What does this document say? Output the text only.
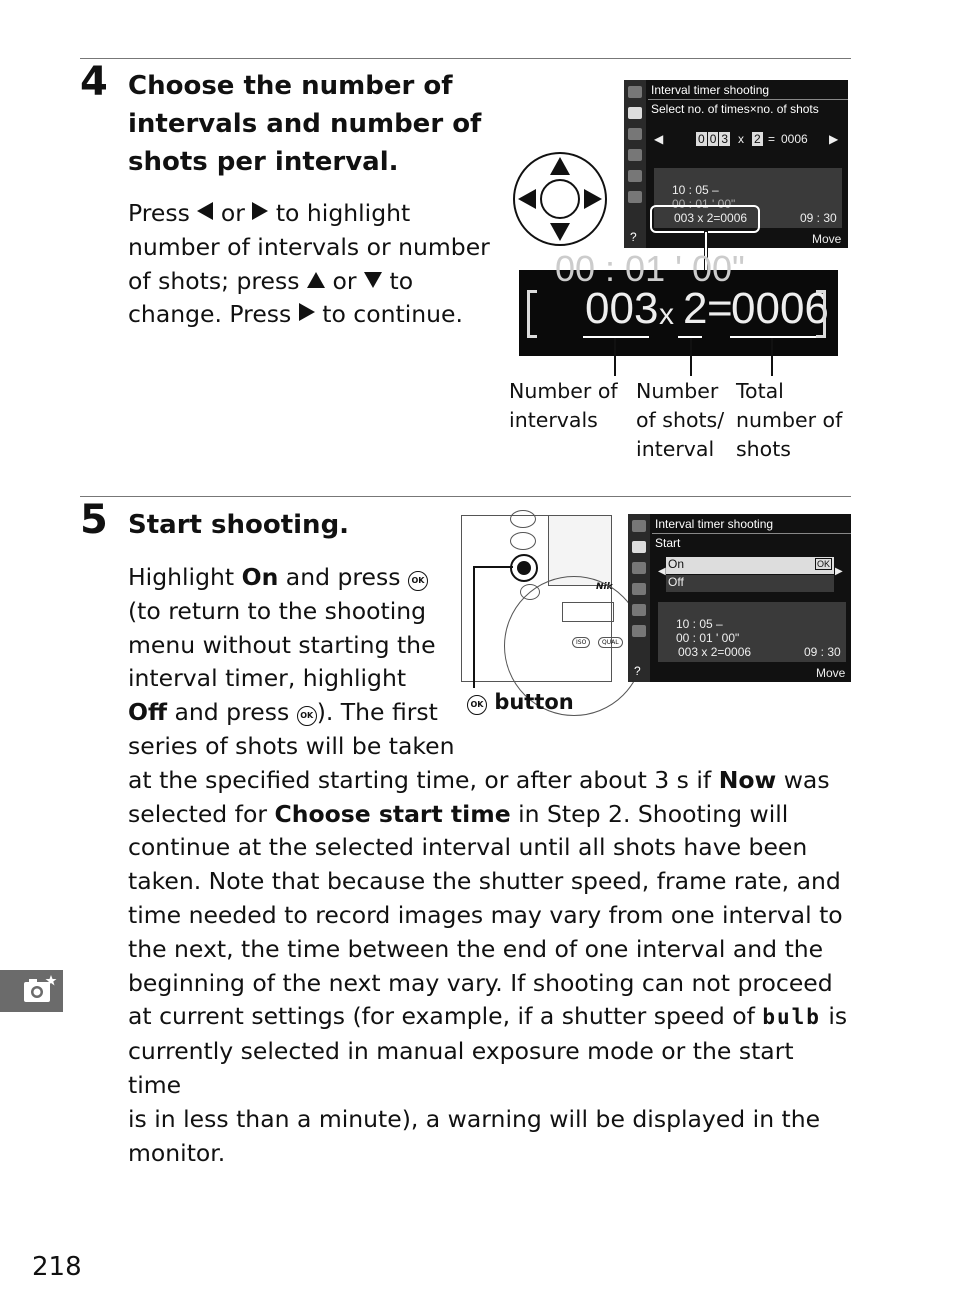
4 Choose the number of
intervals and number of
shots per interval.
Press or to highlight
number of intervals or number
of shots; press or to
change. Press to continue.
Interval timer shooting
Select no. of times×no. of shots
◀	0 0 3 x 2 = 0006 ▶
10 : 05 –
00 : 01 ' 00"
003 x 2=0006	09 : 30
?	Move
00 : 01 ' 00"
003 x 2 =
0006
Number of
intervals
Number
of shots/
interval
Total
number of
shots
5 Start shooting.
Highlight On and press OK
(to return to the shooting
menu without starting the
interval timer, highlight
Off and press OK ). The first
series of shots will be taken
at the specified starting time, or after about 3 s if Now was
selected for Choose start time in Step 2. Shooting will
continue at the selected interval until all shots have been
taken. Note that because the shutter speed, frame rate, and
time needed to record images may vary from one interval to
the next, the time between the end of one interval and the
beginning of the next may vary. If shooting can not proceed
at current settings (for example, if a shutter speed of bulb is
currently selected in manual exposure mode or the start time
is in less than a minute), a warning will be displayed in the
monitor.
Nik
ISO	QUAL
OK button
Interval timer shooting
Start
◀
On	OK
Off
▶
10 : 05 –
00 : 01 ' 00"
003 x 2=0006	09 : 30
?	Move
218
